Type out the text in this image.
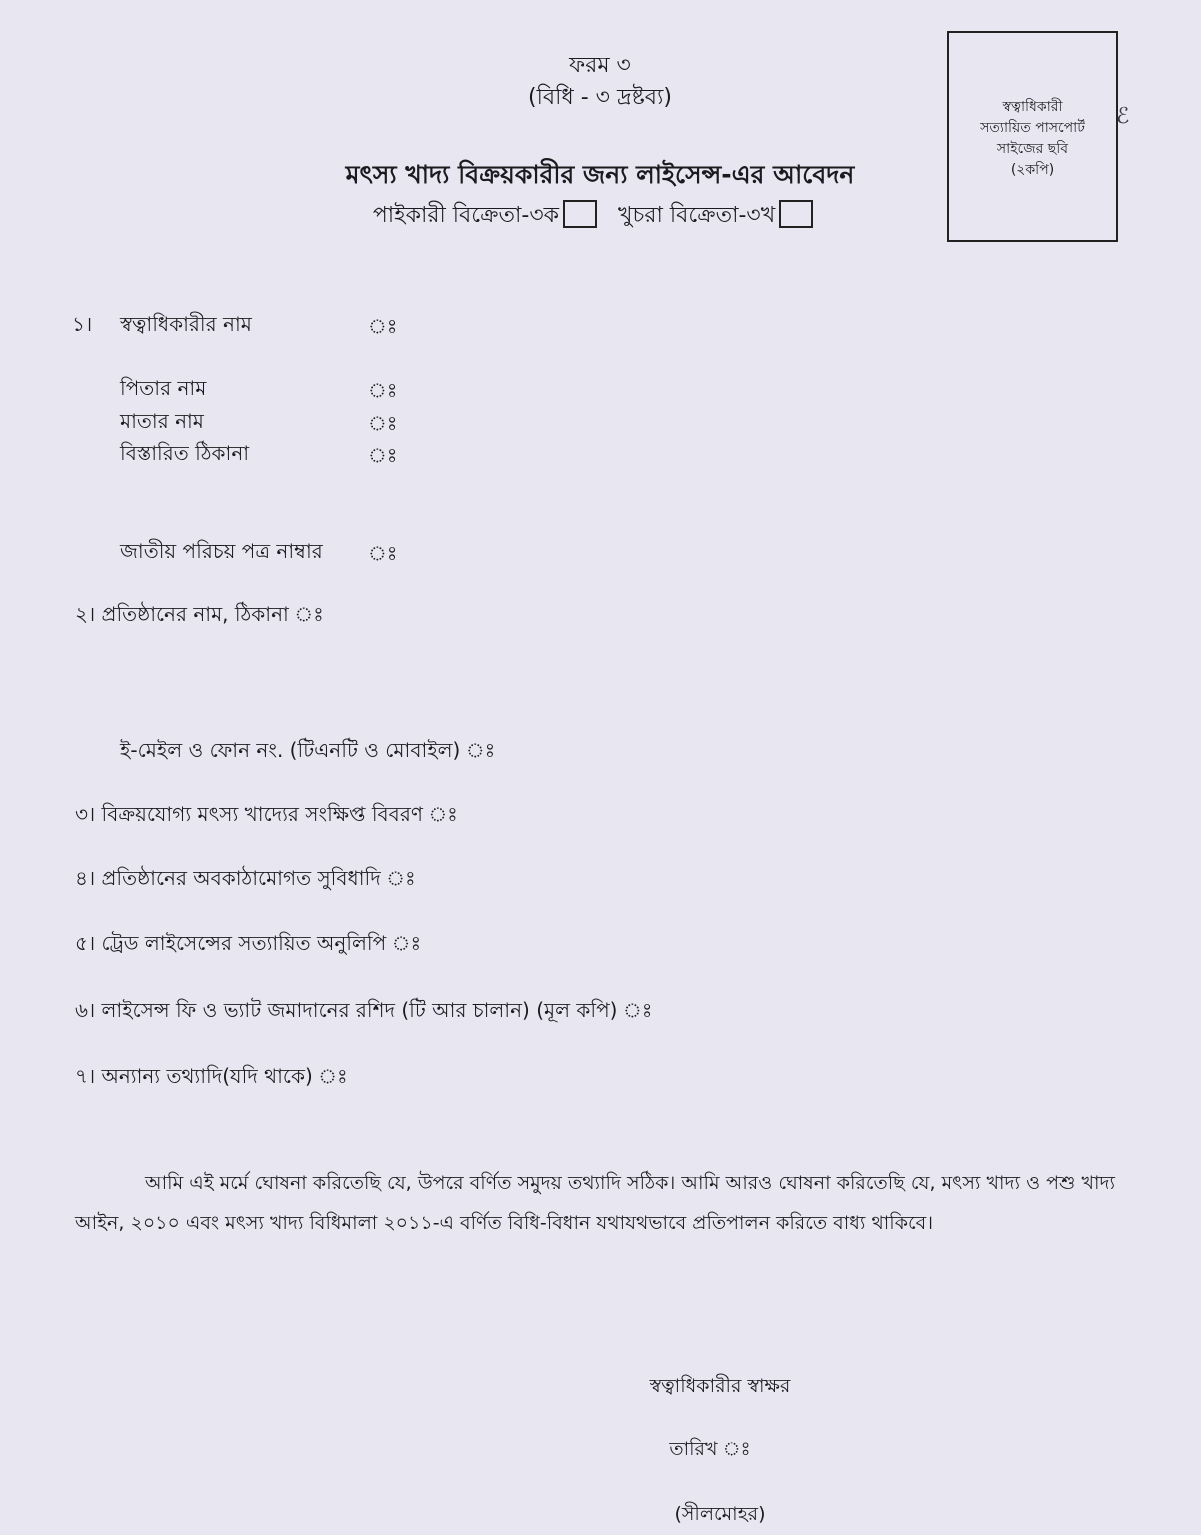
ফরম ৩
(বিধি - ৩ দ্রষ্টব্য)
মৎস্য খাদ্য বিক্রয়কারীর জন্য লাইসেন্স-এর আবেদন
পাইকারী বিক্রেতা-৩ক	খুচরা বিক্রেতা-৩খ
স্বত্বাধিকারী
সত্যায়িত পাসপোর্ট
সাইজের ছবি
(২কপি)
ℰ
১। স্বত্বাধিকারীর নাম	ঃ
পিতার নাম	ঃ
মাতার নাম	ঃ
বিস্তারিত ঠিকানা	ঃ
জাতীয় পরিচয় পত্র নাম্বার ঃ
২। প্রতিষ্ঠানের নাম, ঠিকানা ঃ
ই-মেইল ও ফোন নং. (টিএনটি ও মোবাইল) ঃ
৩। বিক্রয়যোগ্য মৎস্য খাদ্যের সংক্ষিপ্ত বিবরণ ঃ
৪। প্রতিষ্ঠানের অবকাঠামোগত সুবিধাদি ঃ
৫। ট্রেড লাইসেন্সের সত্যায়িত অনুলিপি ঃ
৬। লাইসেন্স ফি ও ভ্যাট জমাদানের রশিদ (টি আর চালান) (মূল কপি) ঃ
৭। অন্যান্য তথ্যাদি(যদি থাকে) ঃ
আমি এই মর্মে ঘোষনা করিতেছি যে, উপরে বর্ণিত সমুদয় তথ্যাদি সঠিক। আমি আরও ঘোষনা করিতেছি যে, মৎস্য খাদ্য ও পশু খাদ্য আইন, ২০১০ এবং মৎস্য খাদ্য বিধিমালা ২০১১-এ বর্ণিত বিধি-বিধান যথাযথভাবে প্রতিপালন করিতে বাধ্য থাকিবে।
স্বত্বাধিকারীর স্বাক্ষর
তারিখ ঃ
(সীলমোহর)
